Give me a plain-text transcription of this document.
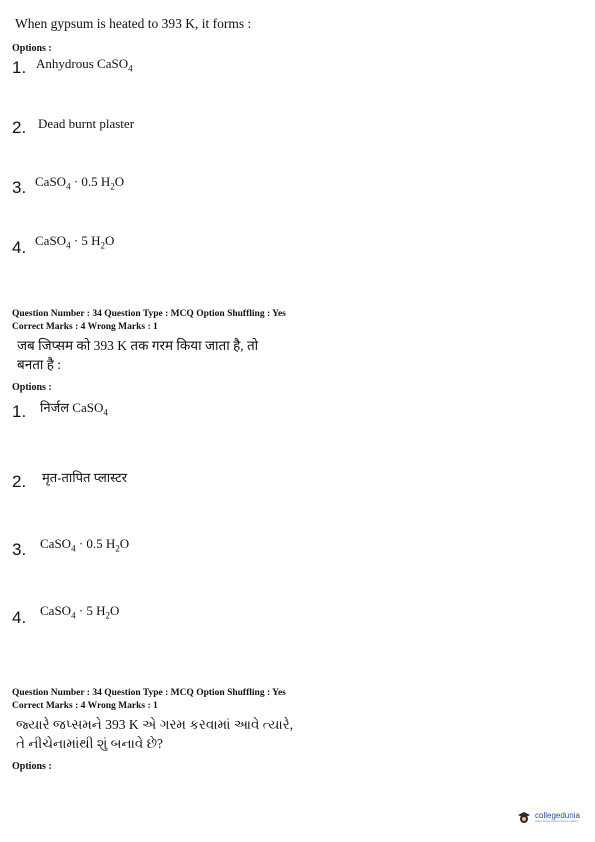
When gypsum is heated to 393 K, it forms :
Options :
1. Anhydrous CaSO$_4$
2. Dead burnt plaster
3. CaSO$_4$ · 0.5 $H_2O$
4. CaSO$_4$ · 5 $H_2O$
Question Number : 34 Question Type : MCQ Option Shuffling : Yes
Correct Marks : 4 Wrong Marks : 1
जब जिप्सम को 393 K तक गरम किया जाता है, तो
बनता है :
Options :
1. निर्जल CaSO$_4$
2. मृत-तापित प्लास्टर
3. CaSO$_4$ · 0.5 $H_2O$
4. CaSO$_4$ · 5 $H_2O$
Question Number : 34 Question Type : MCQ Option Shuffling : Yes
Correct Marks : 4 Wrong Marks : 1
જ્યારે જપ્સમને 393 K એ ગરમ કરવામાં આવે ત્યારે,
તે નીચેનામાંથી શું બનાવે છે?
Options :
collegedunia
India's largest Student Review Platform
